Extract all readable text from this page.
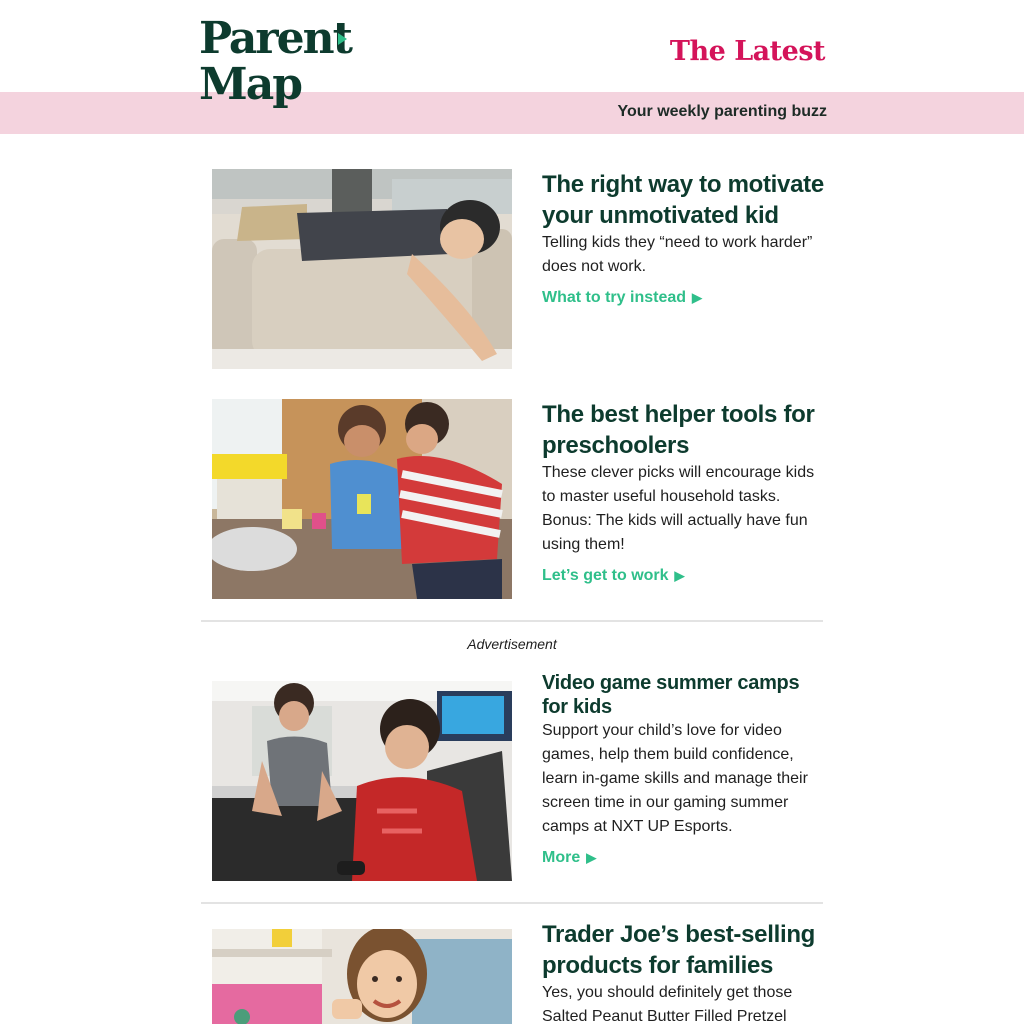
Parent
Map
The Latest
Your weekly parenting buzz
The right way to motivate your unmotivated kid

Telling kids they “need to work harder” does not work.

What to try instead ▶
The best helper tools for preschoolers

These clever picks will encourage kids to master useful household tasks. Bonus: The kids will actually have fun using them!

Let’s get to work ▶
Advertisement
Video game summer camps for kids

Support your child’s love for video games, help them build confidence, learn in-game skills and manage their screen time in our gaming summer camps at NXT UP Esports.

More ▶
Trader Joe’s best-selling products for families

Yes, you should definitely get those Salted Peanut Butter Filled Pretzel
